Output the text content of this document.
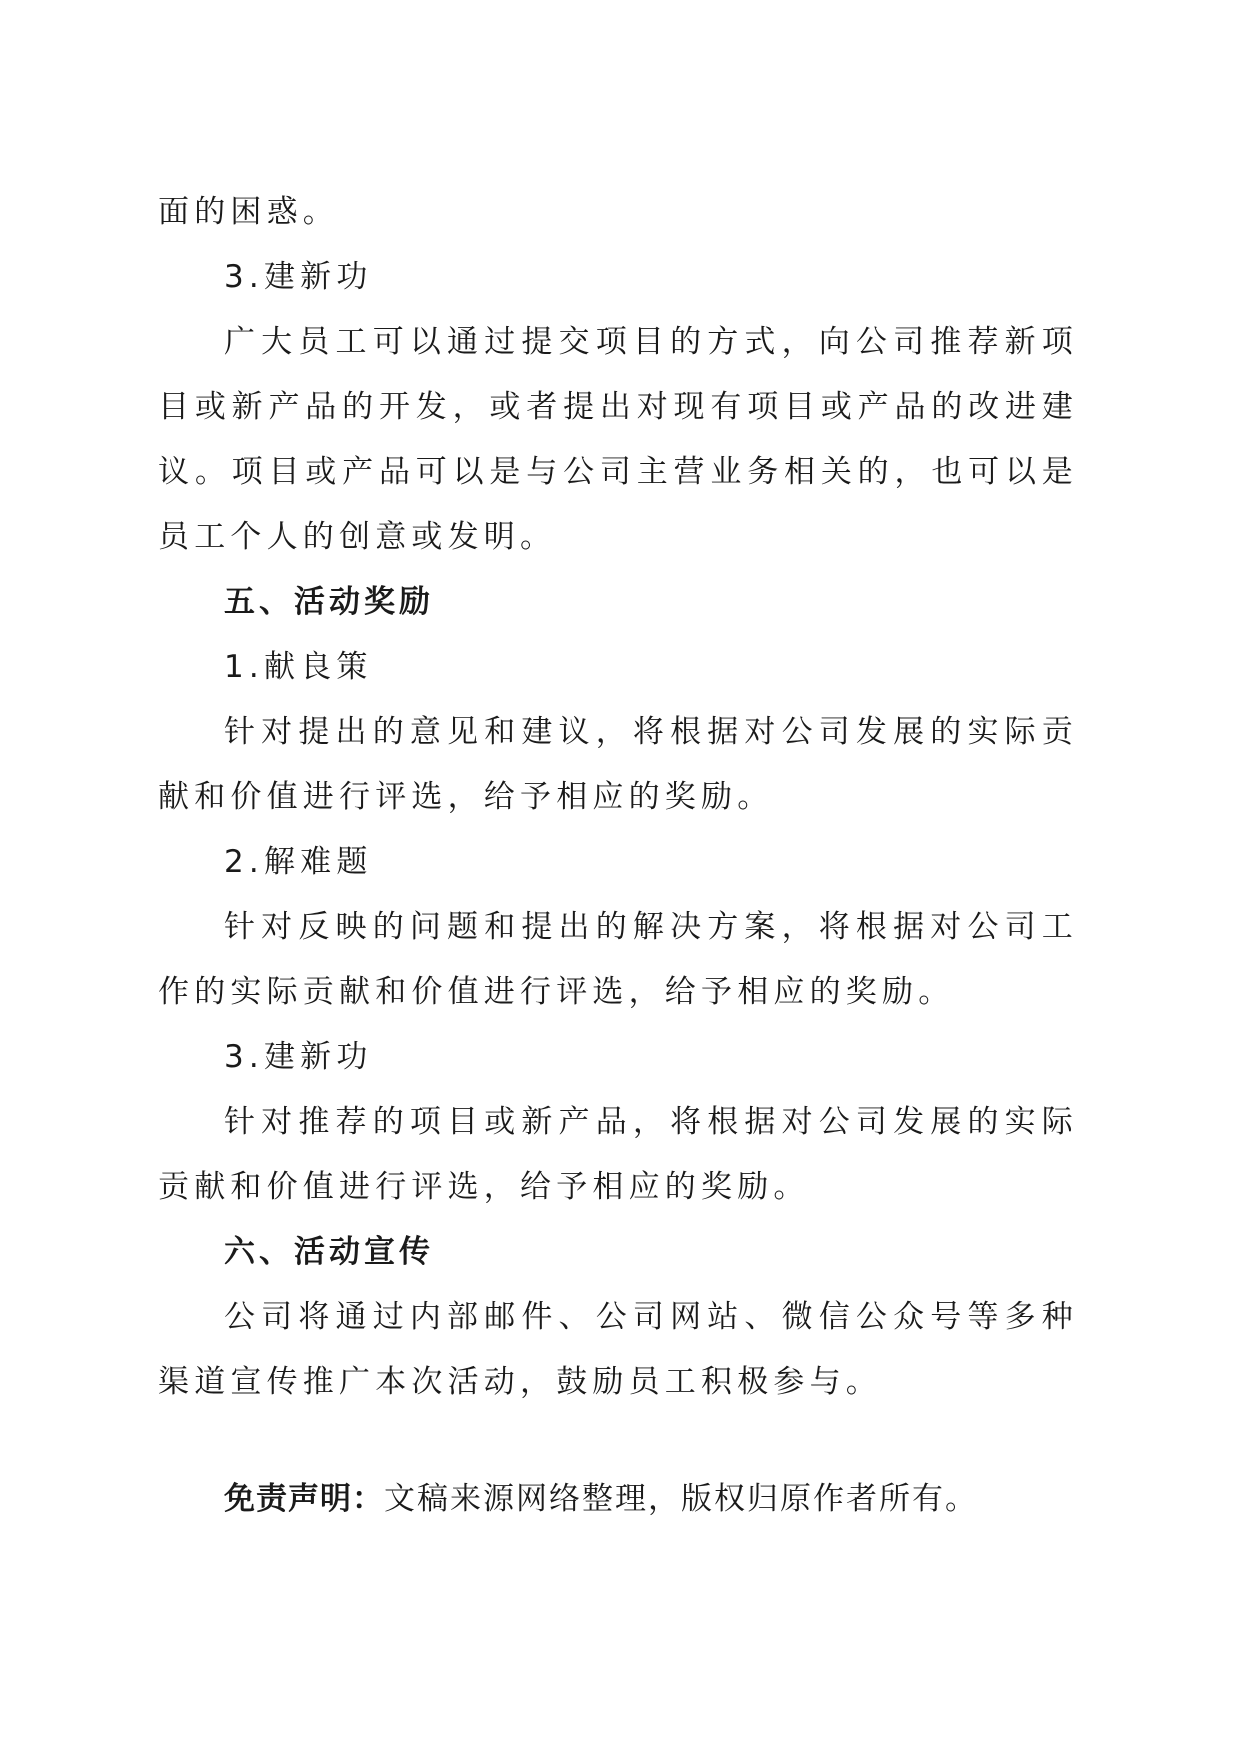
面的困惑。

3.建新功

广大员工可以通过提交项目的方式，向公司推荐新项目或新产品的开发，或者提出对现有项目或产品的改进建议。项目或产品可以是与公司主营业务相关的，也可以是员工个人的创意或发明。

五、活动奖励

1.献良策

针对提出的意见和建议，将根据对公司发展的实际贡献和价值进行评选，给予相应的奖励。

2.解难题

针对反映的问题和提出的解决方案，将根据对公司工作的实际贡献和价值进行评选，给予相应的奖励。

3.建新功

针对推荐的项目或新产品，将根据对公司发展的实际贡献和价值进行评选，给予相应的奖励。

六、活动宣传

公司将通过内部邮件、公司网站、微信公众号等多种渠道宣传推广本次活动，鼓励员工积极参与。

免责声明：文稿来源网络整理，版权归原作者所有。
